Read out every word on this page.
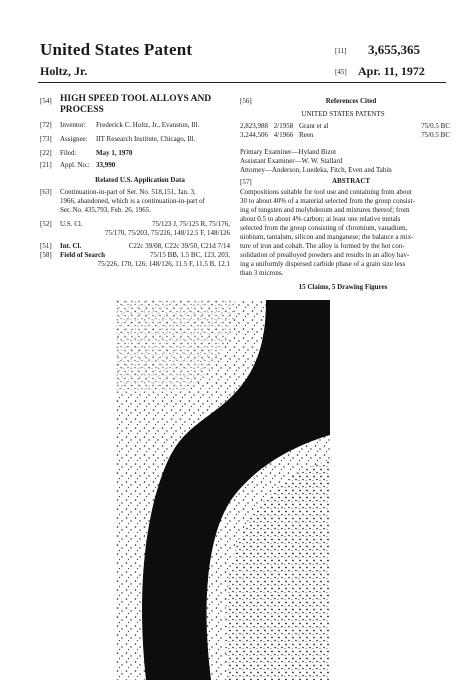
United States Patent
Holtz, Jr.
[11] 3,655,365
[45] Apr. 11, 1972
[54] HIGH SPEED TOOL ALLOYS AND PROCESS
[72] Inventor: Frederick C. Holtz, Jr., Evanston, Ill.
[73] Assignee: IIT Research Institute, Chicago, Ill.
[22] Filed:	May 1, 1970
[21] Appl. No.: 33,990
Related U.S. Application Data
[63] Continuation-in-part of Ser. No. 518,151, Jan. 3,
1966, abandoned, which is a continuation-in-part of
Ser. No. 435,793, Feb. 26, 1965.
[52] U.S. Cl.	75/123 J, 75/125 R, 75/176,
75/170, 75/203, 75/226, 148/12.5 F, 148/126
[51] Int. Cl.	C22c 39/08, C22c 39/50, C21d 7/14
[58] Field of Search	75/15 BB, 1.5 BC, 123, 203,
75/226, 170, 126; 148/126, 11.5 F, 11.5 B, 12.1
[56]	References Cited
UNITED STATES PATENTS
2,823,988 2/1958 Grant et al	75/0.5 BC
3,244,506 4/1966 Reen	75/0.5 BC
Primary Examiner—Hyland Bizot
Assistant Examiner—W. W. Stallard
Attorney—Anderson, Luedeka, Fitch, Even and Tabin
[57]	ABSTRACT
Compositions suitable for tool use and containing from about
30 to about 40% of a material selected from the group consist-
ing of tungsten and molybdenum and mixtures thereof; from
about 0.5 to about 4% carbon; at least one relative metals
selected from the group consisting of chromium, vanadium,
niobium, tantalum, silicon and manganese; the balance a mix-
ture of iron and cobalt. The alloy is formed by the hot con-
solidation of prealloyed powders and results in an alloy hav-
ing a uniformly dispersed carbide phase of a grain size less
than 3 microns.
15 Claims, 5 Drawing Figures
